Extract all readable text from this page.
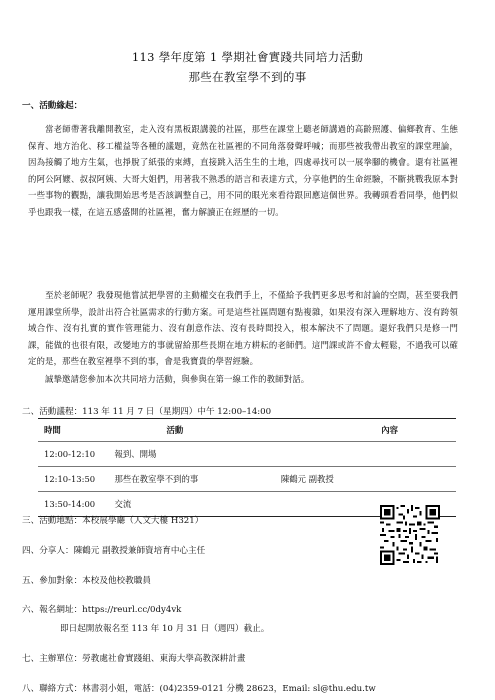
113 學年度第 1 學期社會實踐共同培力活動
那些在教室學不到的事
一、活動緣起：
當老師帶著我離開教室，走入沒有黑板跟講義的社區，那些在課堂上聽老師講過的高齡照護、偏鄉教育、生態保育、地方治化、移工權益等各種的議題，竟然在社區裡的不同角落發聲呼喊；而那些被我帶出教室的課堂理論，因為接觸了地方生氣，也掙脫了紙張的束縛，直接跳入活生生的土地，四處尋找可以一展拳腳的機會。還有社區裡的阿公阿嬤、叔叔阿姨、大哥大姐們，用著我不熟悉的語言和表達方式，分享他們的生命經驗，不斷挑戰我原本對一些事物的觀點，讓我開始思考是否該調整自己，用不同的眼光來看待跟回應這個世界。我轉頭看看同學，他們似乎也跟我一樣，在這五感盛開的社區裡，奮力解讀正在經歷的一切。
至於老師呢？我發現他嘗試把學習的主動權交在我們手上，不僅給予我們更多思考和討論的空間，甚至要我們運用課堂所學，設計出符合社區需求的行動方案。可是這些社區問題有點複雜，如果沒有深入理解地方、沒有跨領域合作、沒有扎實的實作管理能力、沒有創意作法、沒有長時間投入，根本解決不了問題。還好我們只是修一門課，能做的也很有限，改變地方的事就留給那些長期在地方耕耘的老師們。這門課或許不會太輕鬆，不過我可以確定的是，那些在教室裡學不到的事，會是我寶貴的學習經驗。
誠摯邀請您參加本次共同培力活動，與參與在第一線工作的教師對話。
二、活動議程：113 年 11 月 7 日（星期四）中午 12:00–14:00
時間	活動	內容
12:00-12:10	報到、開場	
12:10-13:50	那些在教室學不到的事	陳鶴元 副教授
13:50-14:00	交流	
三、活動地點：本校展學廳（人文大樓 H321）
四、分享人：陳鶴元 副教授兼師資培育中心主任
五、參加對象：本校及他校教職員
六、報名網址：https://reurl.cc/0dy4vk
即日起開放報名至 113 年 10 月 31 日（週四）截止。
七、主辦單位：勞教處社會實踐組、東海大學高教深耕計畫
八、聯絡方式：林書羽小姐，電話：(04)2359-0121 分機 28623，Email: sl@thu.edu.tw
